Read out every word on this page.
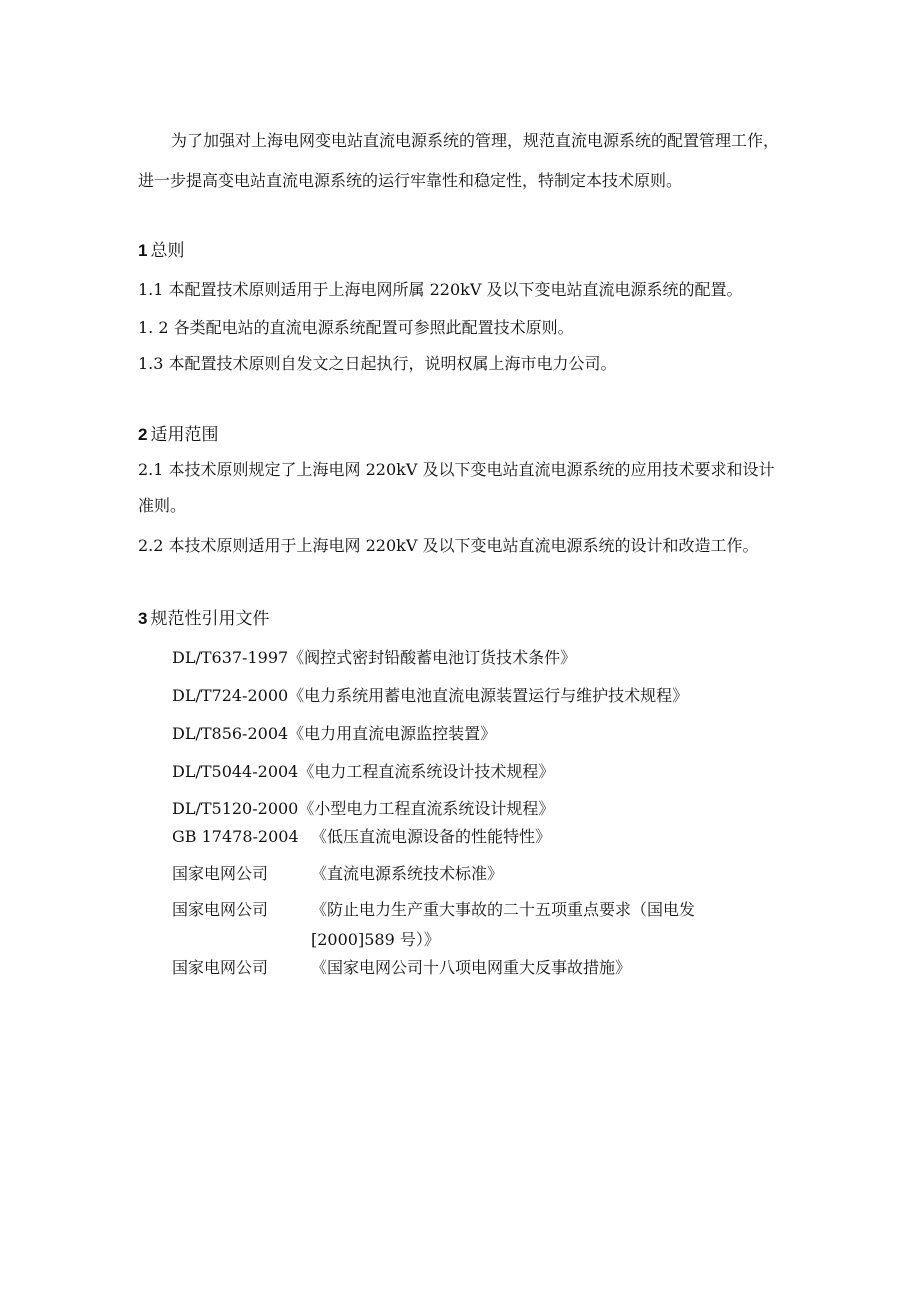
为了加强对上海电网变电站直流电源系统的管理，规范直流电源系统的配置管理工作，
进一步提高变电站直流电源系统的运行牢靠性和稳定性，特制定本技术原则。
1 总则
1.1 本配置技术原则适用于上海电网所属 220kV 及以下变电站直流电源系统的配置。
1. 2 各类配电站的直流电源系统配置可参照此配置技术原则。
1.3 本配置技术原则自发文之日起执行，说明权属上海市电力公司。
2 适用范围
2.1 本技术原则规定了上海电网 220kV 及以下变电站直流电源系统的应用技术要求和设计
准则。
2.2 本技术原则适用于上海电网 220kV 及以下变电站直流电源系统的设计和改造工作。
3 规范性引用文件
DL/T637-1997《阀控式密封铅酸蓄电池订货技术条件》
DL/T724-2000《电力系统用蓄电池直流电源装置运行与维护技术规程》
DL/T856-2004《电力用直流电源监控装置》
DL/T5044-2004《电力工程直流系统设计技术规程》
DL/T5120-2000《小型电力工程直流系统设计规程》
GB 17478-2004 《低压直流电源设备的性能特性》
国家电网公司	《直流电源系统技术标准》
国家电网公司	《防止电力生产重大事故的二十五项重点要求（国电发
[2000]589 号）》
国家电网公司	《国家电网公司十八项电网重大反事故措施》
